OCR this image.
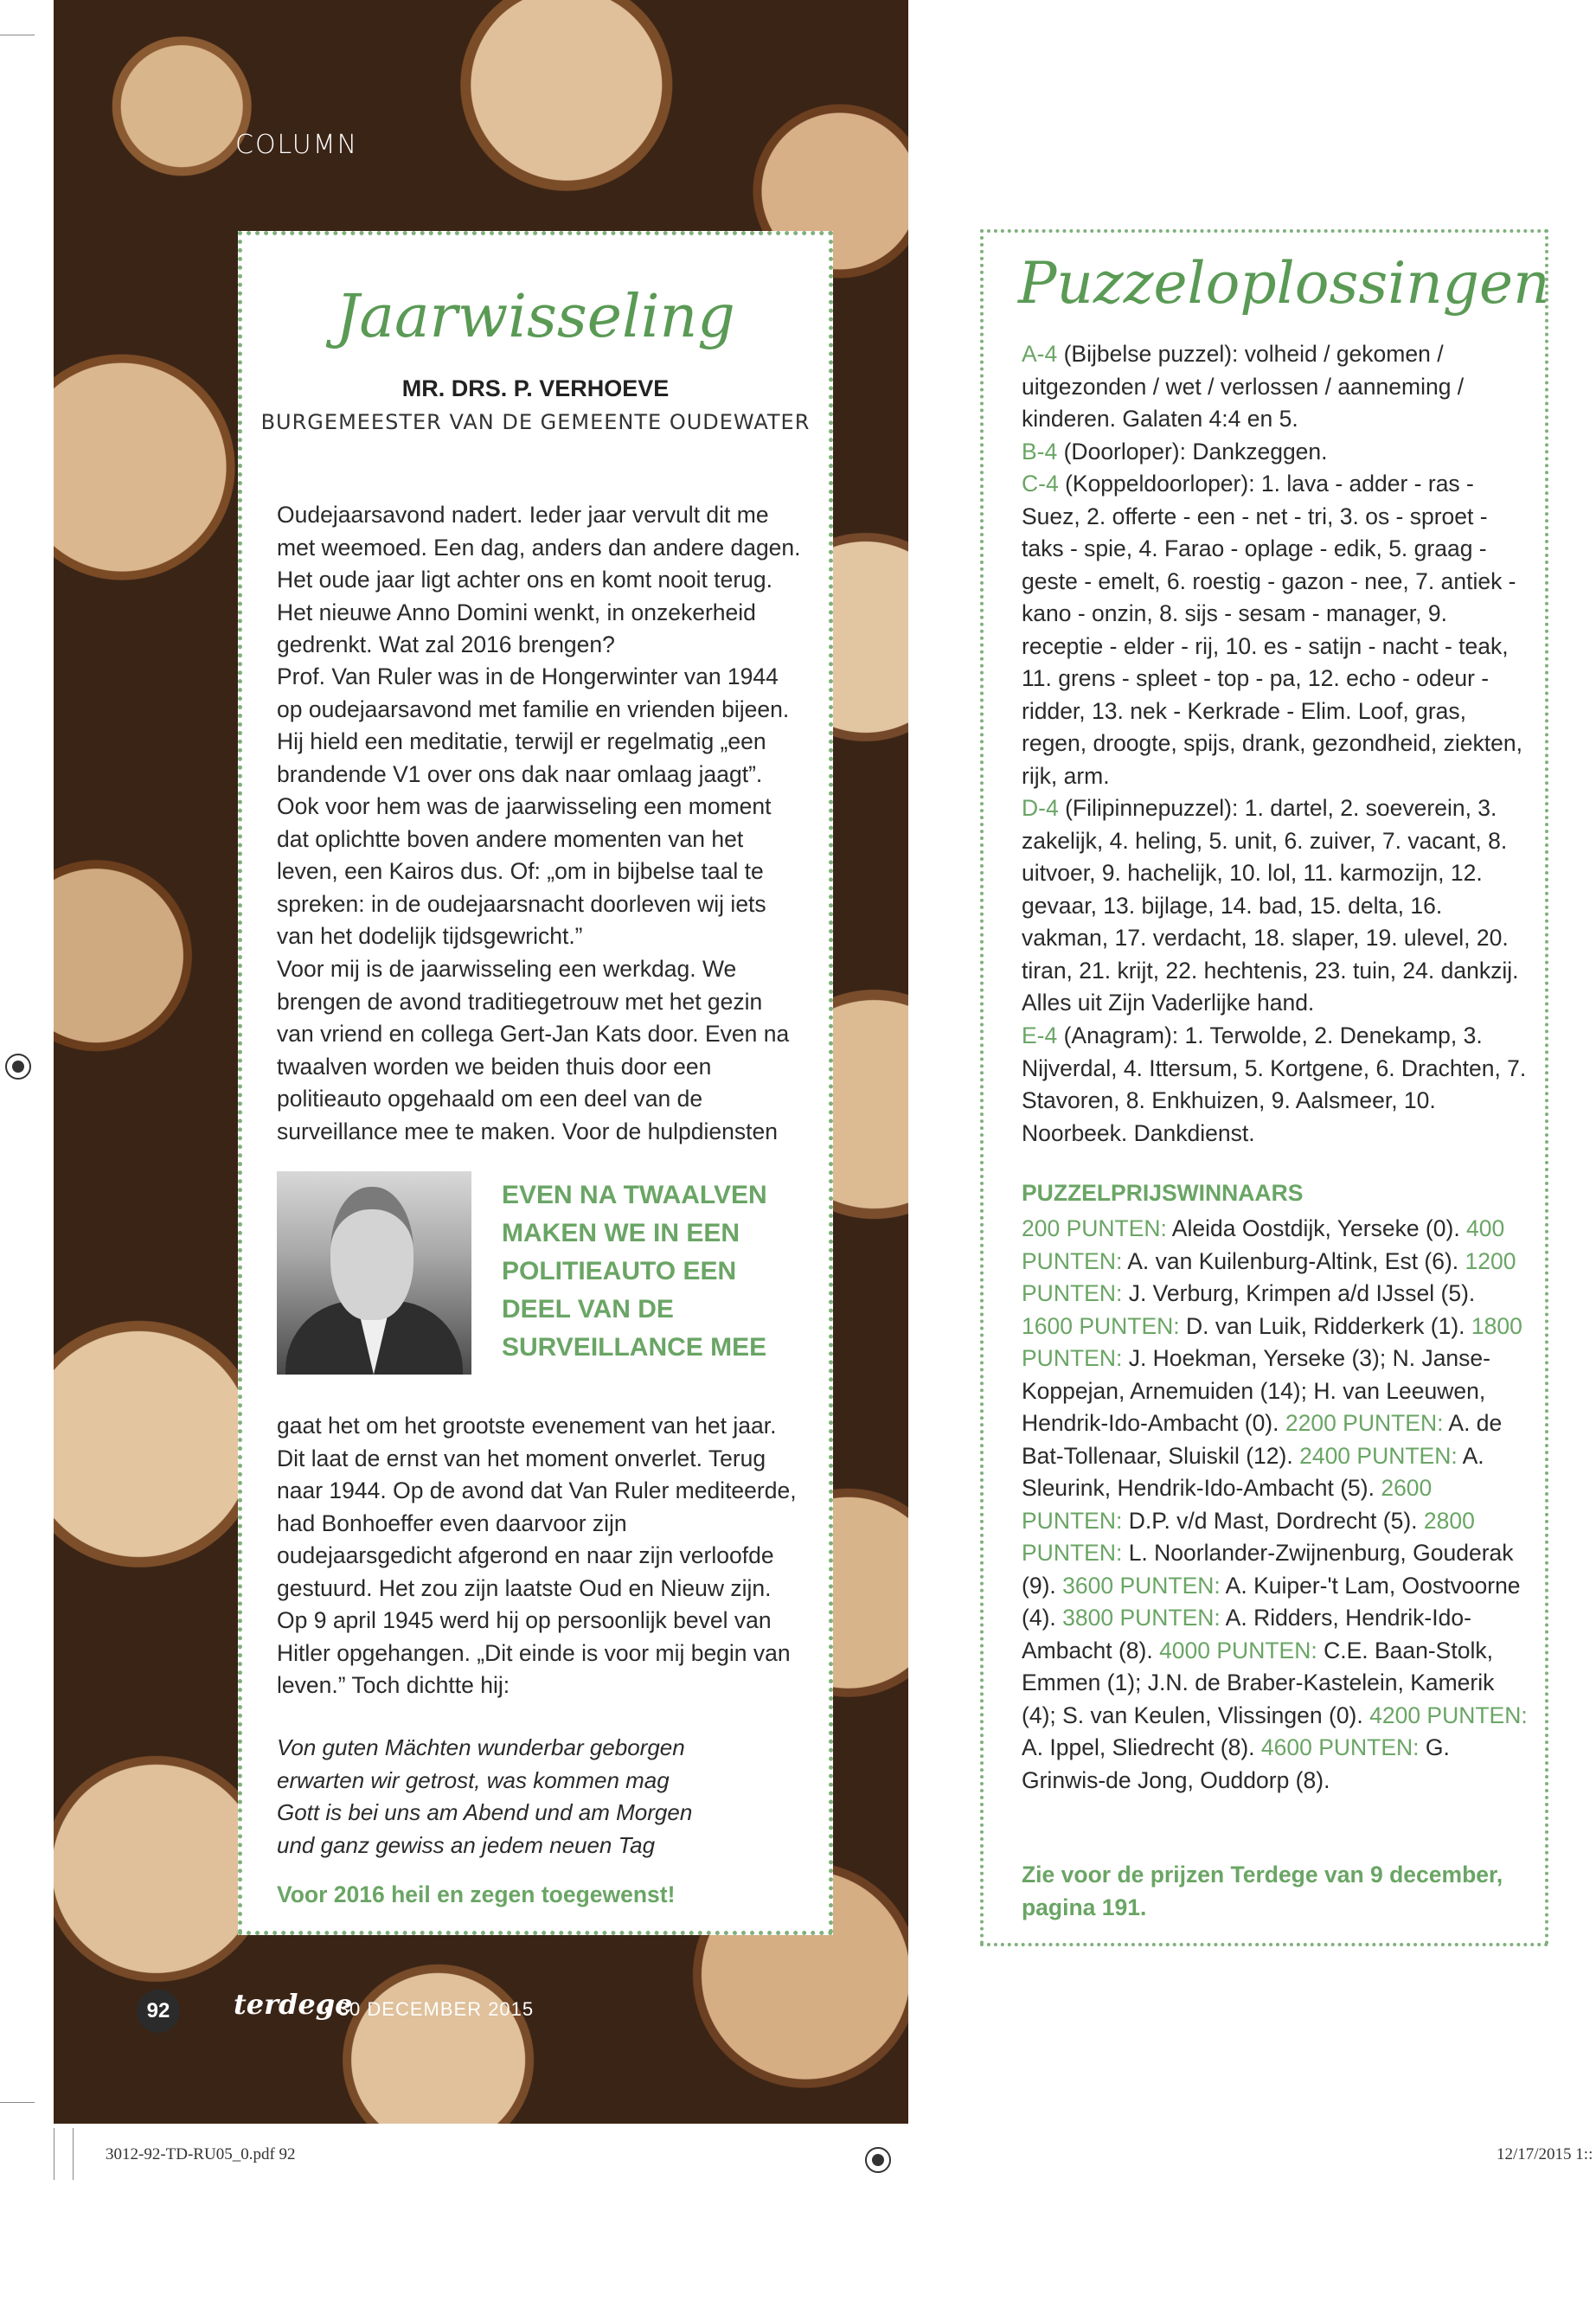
COLUMN
Jaarwisseling
MR. DRS. P. VERHOEVE
BURGEMEESTER VAN DE GEMEENTE OUDEWATER

Oudejaarsavond nadert. Ieder jaar vervult dit me met weemoed. Een dag, anders dan andere dagen. Het oude jaar ligt achter ons en komt nooit terug. Het nieuwe Anno Domini wenkt, in onzekerheid gedrenkt. Wat zal 2016 brengen?

Prof. Van Ruler was in de Hongerwinter van 1944 op oudejaarsavond met familie en vrienden bijeen. Hij hield een meditatie, terwijl er regelmatig „een brandende V1 over ons dak naar omlaag jaagt”. Ook voor hem was de jaarwisseling een moment dat oplichtte boven andere momenten van het leven, een Kairos dus. Of: „om in bijbelse taal te spreken: in de oudejaarsnacht doorleven wij iets van het dodelijk tijdsgewricht.”

Voor mij is de jaarwisseling een werkdag. We brengen de avond traditiegetrouw met het gezin van vriend en collega Gert-Jan Kats door. Even na twaalven worden we beiden thuis door een politieauto opgehaald om een deel van de surveillance mee te maken. Voor de hulpdiensten

EVEN NA TWAALVEN MAKEN WE IN EEN POLITIEAUTO EEN DEEL VAN DE SURVEILLANCE MEE

gaat het om het grootste evenement van het jaar. Dit laat de ernst van het moment onverlet. Terug naar 1944. Op de avond dat Van Ruler mediteerde, had Bonhoeffer even daarvoor zijn oudejaarsgedicht afgerond en naar zijn verloofde gestuurd. Het zou zijn laatste Oud en Nieuw zijn. Op 9 april 1945 werd hij op persoonlijk bevel van Hitler opgehangen. „Dit einde is voor mij begin van leven.” Toch dichtte hij:

Von guten Mächten wunderbar geborgen
erwarten wir getrost, was kommen mag
Gott is bei uns am Abend und am Morgen
und ganz gewiss an jedem neuen Tag

Voor 2016 heil en zegen toegewenst!

92	terdege
• 30 DECEMBER 2015
Puzzeloplossingen

A-4 (Bijbelse puzzel): volheid / gekomen / uitgezonden / wet / verlossen / aanneming / kinderen. Galaten 4:4 en 5.

B-4 (Doorloper): Dankzeggen.

C-4 (Koppeldoorloper): 1. lava - adder - ras - Suez, 2. offerte - een - net - tri, 3. os - sproet - taks - spie, 4. Farao - oplage - edik, 5. graag - geste - emelt, 6. roestig - gazon - nee, 7. antiek - kano - onzin, 8. sijs - sesam - manager, 9. receptie - elder - rij, 10. es - satijn - nacht - teak, 11. grens - spleet - top - pa, 12. echo - odeur - ridder, 13. nek - Kerkrade - Elim. Loof, gras, regen, droogte, spijs, drank, gezondheid, ziekten, rijk, arm.

D-4 (Filipinnepuzzel): 1. dartel, 2. soeverein, 3. zakelijk, 4. heling, 5. unit, 6. zuiver, 7. vacant, 8. uitvoer, 9. hachelijk, 10. lol, 11. karmozijn, 12. gevaar, 13. bijlage, 14. bad, 15. delta, 16. vakman, 17. verdacht, 18. slaper, 19. ulevel, 20. tiran, 21. krijt, 22. hechtenis, 23. tuin, 24. dankzij. Alles uit Zijn Vaderlijke hand.

E-4 (Anagram): 1. Terwolde, 2. Denekamp, 3. Nijverdal, 4. Ittersum, 5. Kortgene, 6. Drachten, 7. Stavoren, 8. Enkhuizen, 9. Aalsmeer, 10. Noorbeek. Dankdienst.

PUZZELPRIJSWINNAARS

200 PUNTEN: Aleida Oostdijk, Yerseke (0). 400 PUNTEN: A. van Kuilenburg-Altink, Est (6). 1200 PUNTEN: J. Verburg, Krimpen a/d IJssel (5). 1600 PUNTEN: D. van Luik, Ridderkerk (1). 1800 PUNTEN: J. Hoekman, Yerseke (3); N. Janse-Koppejan, Arnemuiden (14); H. van Leeuwen, Hendrik-Ido-Ambacht (0). 2200 PUNTEN: A. de Bat-Tollenaar, Sluiskil (12). 2400 PUNTEN: A. Sleurink, Hendrik-Ido-Ambacht (5). 2600 PUNTEN: D.P. v/d Mast, Dordrecht (5). 2800 PUNTEN: L. Noorlander-Zwijnenburg, Gouderak (9). 3600 PUNTEN: A. Kuiper-'t Lam, Oostvoorne (4). 3800 PUNTEN: A. Ridders, Hendrik-Ido-Ambacht (8). 4000 PUNTEN: C.E. Baan-Stolk, Emmen (1); J.N. de Braber-Kastelein, Kamerik (4); S. van Keulen, Vlissingen (0). 4200 PUNTEN: A. Ippel, Sliedrecht (8). 4600 PUNTEN: G. Grinwis-de Jong, Ouddorp (8).

Zie voor de prijzen Terdege van 9 december, pagina 191.

3012-92-TD-RU05_0.pdf 92	12/17/2015 1::
